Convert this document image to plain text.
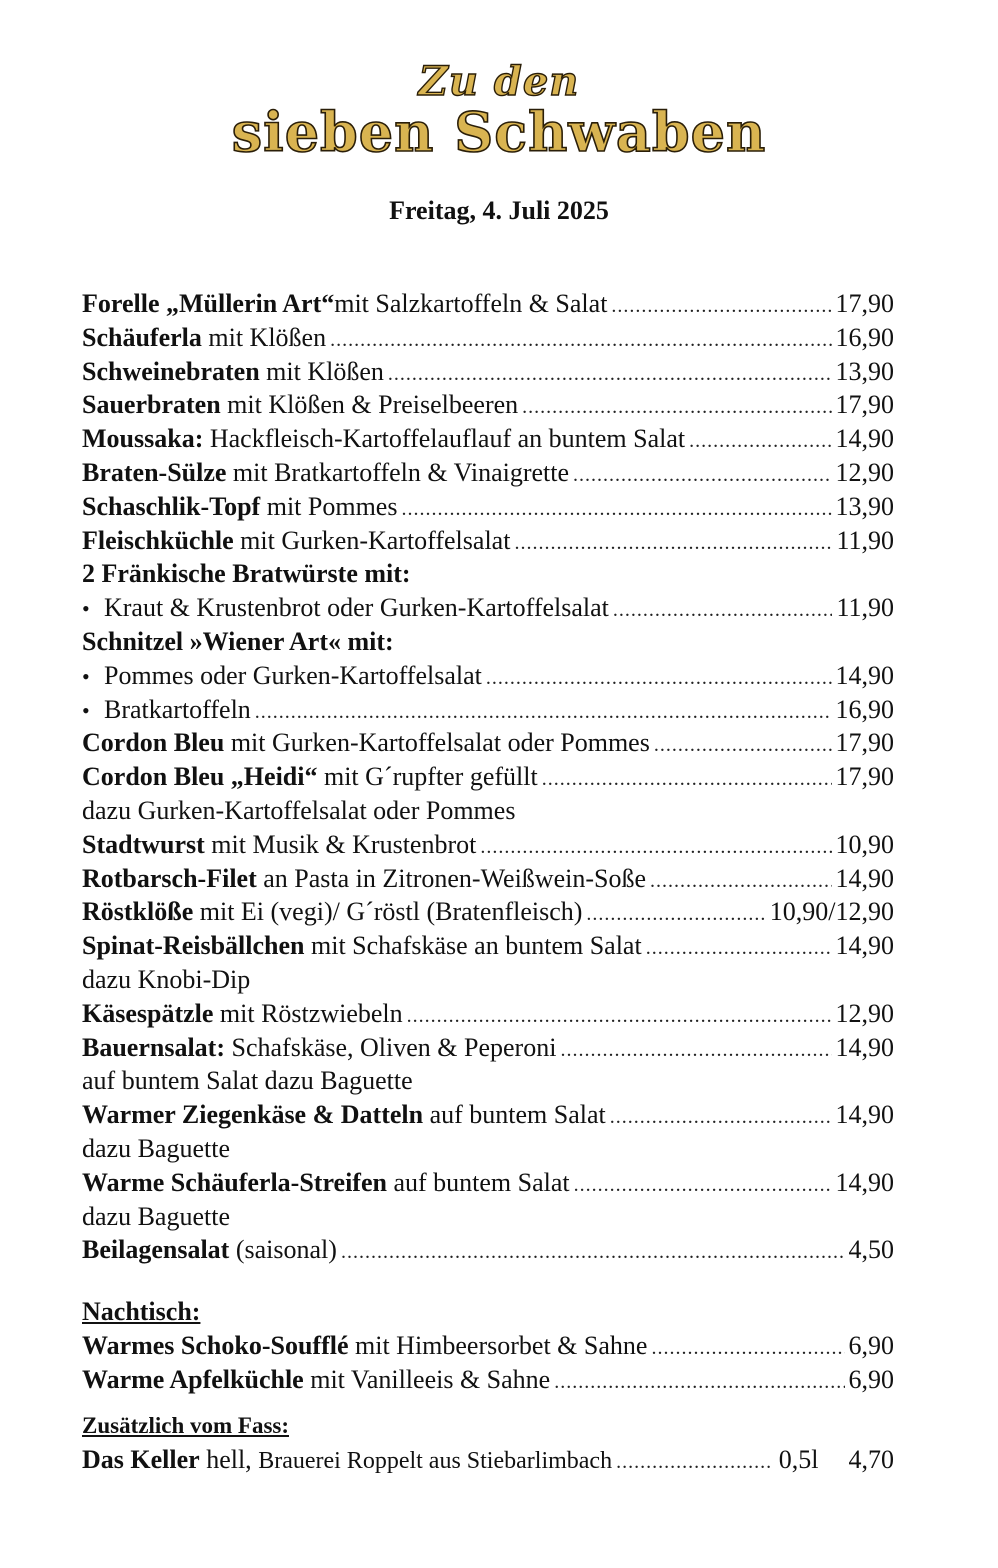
Zu den
sieben Schwaben
Freitag, 4. Juli 2025
Forelle „Müllerin Art“mit Salzkartoffeln & Salat .....	17,90
Schäuferla mit Klößen .....	16,90
Schweinebraten mit Klößen .....	13,90
Sauerbraten mit Klößen & Preiselbeeren .....	17,90
Moussaka: Hackfleisch-Kartoffelauflauf an buntem Salat .....	14,90
Braten-Sülze mit Bratkartoffeln & Vinaigrette .....	12,90
Schaschlik-Topf mit Pommes .....	13,90
Fleischküchle mit Gurken-Kartoffelsalat .....	11,90
2 Fränkische Bratwürste mit:
• Kraut & Krustenbrot oder Gurken-Kartoffelsalat .....	11,90
Schnitzel »Wiener Art« mit:
• Pommes oder Gurken-Kartoffelsalat .....	14,90
• Bratkartoffeln .....	16,90
Cordon Bleu mit Gurken-Kartoffelsalat oder Pommes .....	17,90
Cordon Bleu „Heidi“ mit G´rupfter gefüllt .....	17,90
dazu Gurken-Kartoffelsalat oder Pommes
Stadtwurst mit Musik & Krustenbrot .....	10,90
Rotbarsch-Filet an Pasta in Zitronen-Weißwein-Soße .....	14,90
Röstklöße mit Ei (vegi)/ G´röstl (Bratenfleisch) .....	10,90/12,90
Spinat-Reisbällchen mit Schafskäse an buntem Salat .....	14,90
dazu Knobi-Dip
Käsespätzle mit Röstzwiebeln .....	12,90
Bauernsalat: Schafskäse, Oliven & Peperoni .....	14,90
auf buntem Salat dazu Baguette
Warmer Ziegenkäse & Datteln auf buntem Salat .....	14,90
dazu Baguette
Warme Schäuferla-Streifen auf buntem Salat .....	14,90
dazu Baguette
Beilagensalat (saisonal) .....	4,50
Nachtisch:
Warmes Schoko-Soufflé mit Himbeersorbet & Sahne .....	6,90
Warme Apfelküchle mit Vanilleeis & Sahne .....	6,90
Zusätzlich vom Fass:
Das Keller hell, Brauerei Roppelt aus Stiebarlimbach .....	0,5l 4,70
